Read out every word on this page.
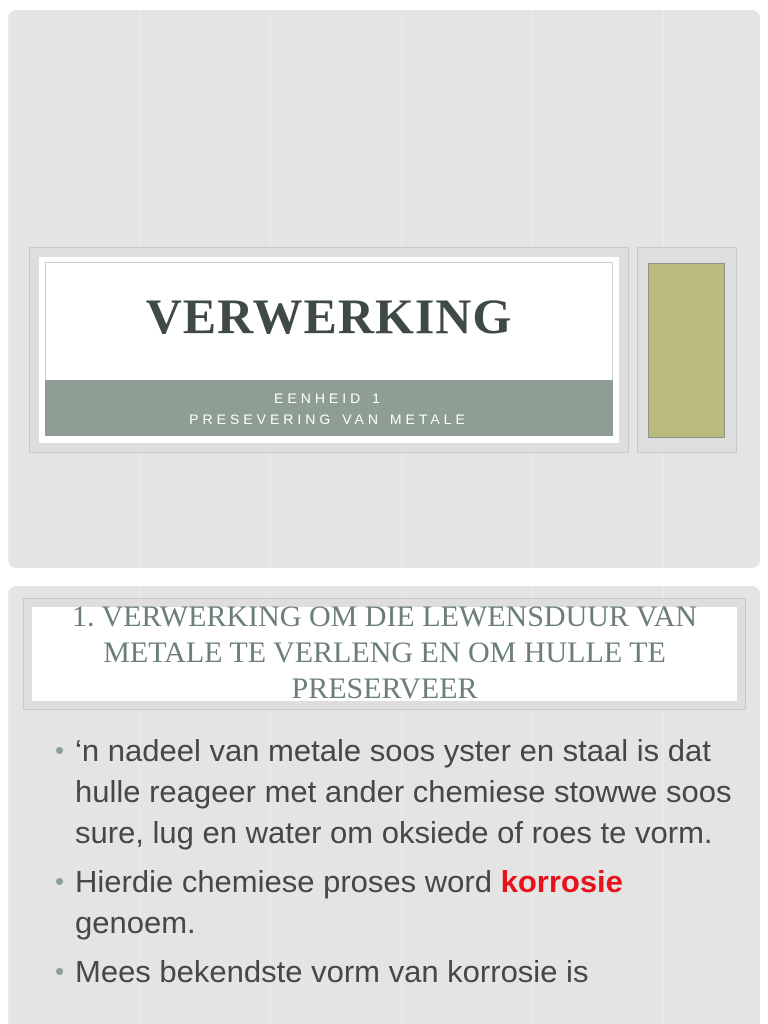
VERWERKING
EENHEID 1
PRESEVERING VAN METALE
1. VERWERKING OM DIE LEWENSDUUR VAN METALE TE VERLENG EN OM HULLE TE PRESERVEER
• ‘n nadeel van metale soos yster en staal is dat hulle reageer met ander chemiese stowwe soos sure, lug en water om oksiede of roes te vorm.
• Hierdie chemiese proses word korrosie genoem.
• Mees bekendste vorm van korrosie is
